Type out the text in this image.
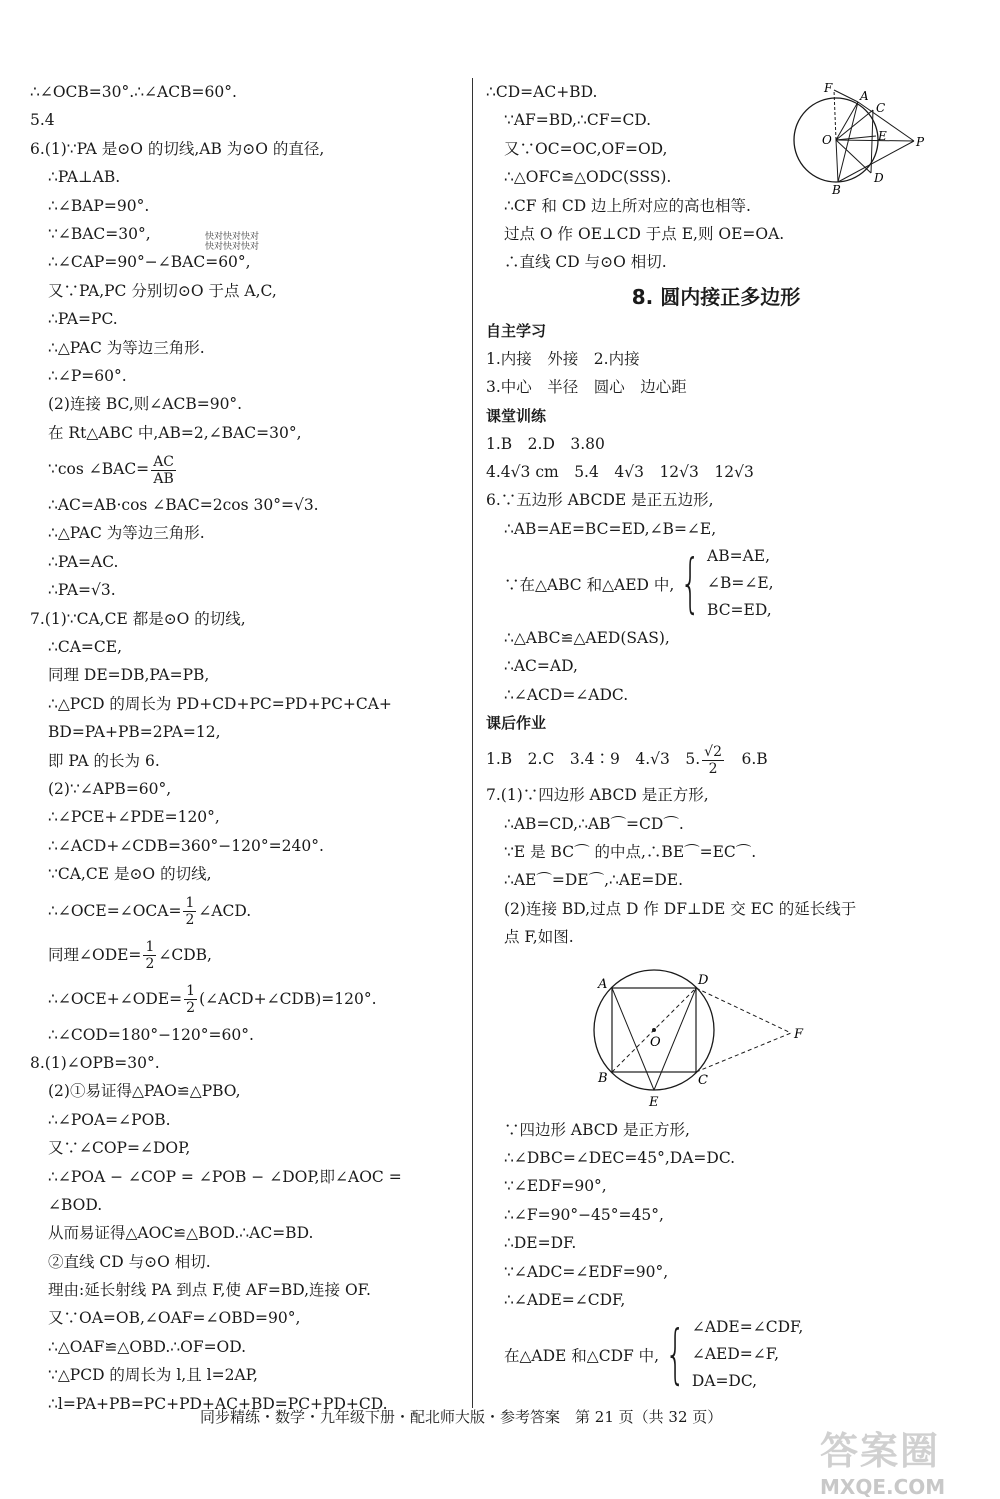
∴∠OCB=30°.∴∠ACB=60°.
5.4
6.(1)∵PA 是⊙O 的切线,AB 为⊙O 的直径,
∴PA⊥AB.
∴∠BAP=90°.
∵∠BAC=30°,
∴∠CAP=90°−∠BAC=60°,
又∵PA,PC 分别切⊙O 于点 A,C,
∴PA=PC.
∴△PAC 为等边三角形.
∴∠P=60°.
(2)连接 BC,则∠ACB=90°.
在 Rt△ABC 中,AB=2,∠BAC=30°,
∵cos ∠BAC= $\frac{AC}{AB}$
∴AC=AB·cos ∠BAC=2cos 30°=√3.
∴△PAC 为等边三角形.
∴PA=AC.
∴PA=√3.
7.(1)∵CA,CE 都是⊙O 的切线,
∴CA=CE,
同理 DE=DB,PA=PB,
∴△PCD 的周长为 PD+CD+PC=PD+PC+CA+
BD=PA+PB=2PA=12,
即 PA 的长为 6.
(2)∵∠APB=60°,
∴∠PCE+∠PDE=120°,
∴∠ACD+∠CDB=360°−120°=240°.
∵CA,CE 是⊙O 的切线,
∴∠OCE=∠OCA= $\frac{1}{2}$ ∠ACD.
同理∠ODE= $\frac{1}{2}$ ∠CDB,
∴∠OCE+∠ODE= $\frac{1}{2}$ (∠ACD+∠CDB)=120°.
∴∠COD=180°−120°=60°.
8.(1)∠OPB=30°.
(2)①易证得△PAO≌△PBO,
∴∠POA=∠POB.
又∵∠COP=∠DOP,
∴∠POA − ∠COP = ∠POB − ∠DOP,即∠AOC =
∠BOD.
从而易证得△AOC≌△BOD.∴AC=BD.
②直线 CD 与⊙O 相切.
理由:延长射线 PA 到点 F,使 AF=BD,连接 OF.
又∵OA=OB,∠OAF=∠OBD=90°,
∴△OAF≌△OBD.∴OF=OD.
∵△PCD 的周长为 l,且 l=2AP,
∴l=PA+PB=PC+PD+AC+BD=PC+PD+CD.
快对快对快对
快对快对快对
F
A
C
E
O	P
B
D
∴CD=AC+BD.
∵AF=BD,∴CF=CD.
又∵OC=OC,OF=OD,
∴△OFC≌△ODC(SSS).
∴CF 和 CD 边上所对应的高也相等.
过点 O 作 OE⊥CD 于点 E,则 OE=OA.
∴直线 CD 与⊙O 相切.
8. 圆内接正多边形
自主学习
1.内接　外接　2.内接
3.中心　半径　圆心　边心距
课堂训练
1.B　2.D　3.80
4.4√3 cm　5.4　4√3　12√3　12√3
6.∵五边形 ABCDE 是正五边形,
∴AB=AE=BC=ED,∠B=∠E,
∵在△ABC 和△AED 中, { AB=AE,
∠B=∠E,
BC=ED,
∴△ABC≌△AED(SAS),
∴AC=AD,
∴∠ACD=∠ADC.
课后作业
1.B　2.C　3.4∶9　4.√3　5. $\frac{√2}{2}$ 　6.B
7.(1)∵四边形 ABCD 是正方形,
∴AB=CD,∴AB⌒=CD⌒.
∵E 是 BC⌒ 的中点,∴BE⌒=EC⌒.
∴AE⌒=DE⌒,∴AE=DE.
(2)连接 BD,过点 D 作 DF⊥DE 交 EC 的延长线于
点 F,如图.
A	D
O
F
B	C
E
∵四边形 ABCD 是正方形,
∴∠DBC=∠DEC=45°,DA=DC.
∵∠EDF=90°,
∴∠F=90°−45°=45°,
∴DE=DF.
∵∠ADC=∠EDF=90°,
∴∠ADE=∠CDF,
在△ADE 和△CDF 中, { ∠ADE=∠CDF,
∠AED=∠F,
DA=DC,
同步精练・数学・九年级下册・配北师大版・参考答案　第 21 页（共 32 页）
答案圈
MXQE.COM
